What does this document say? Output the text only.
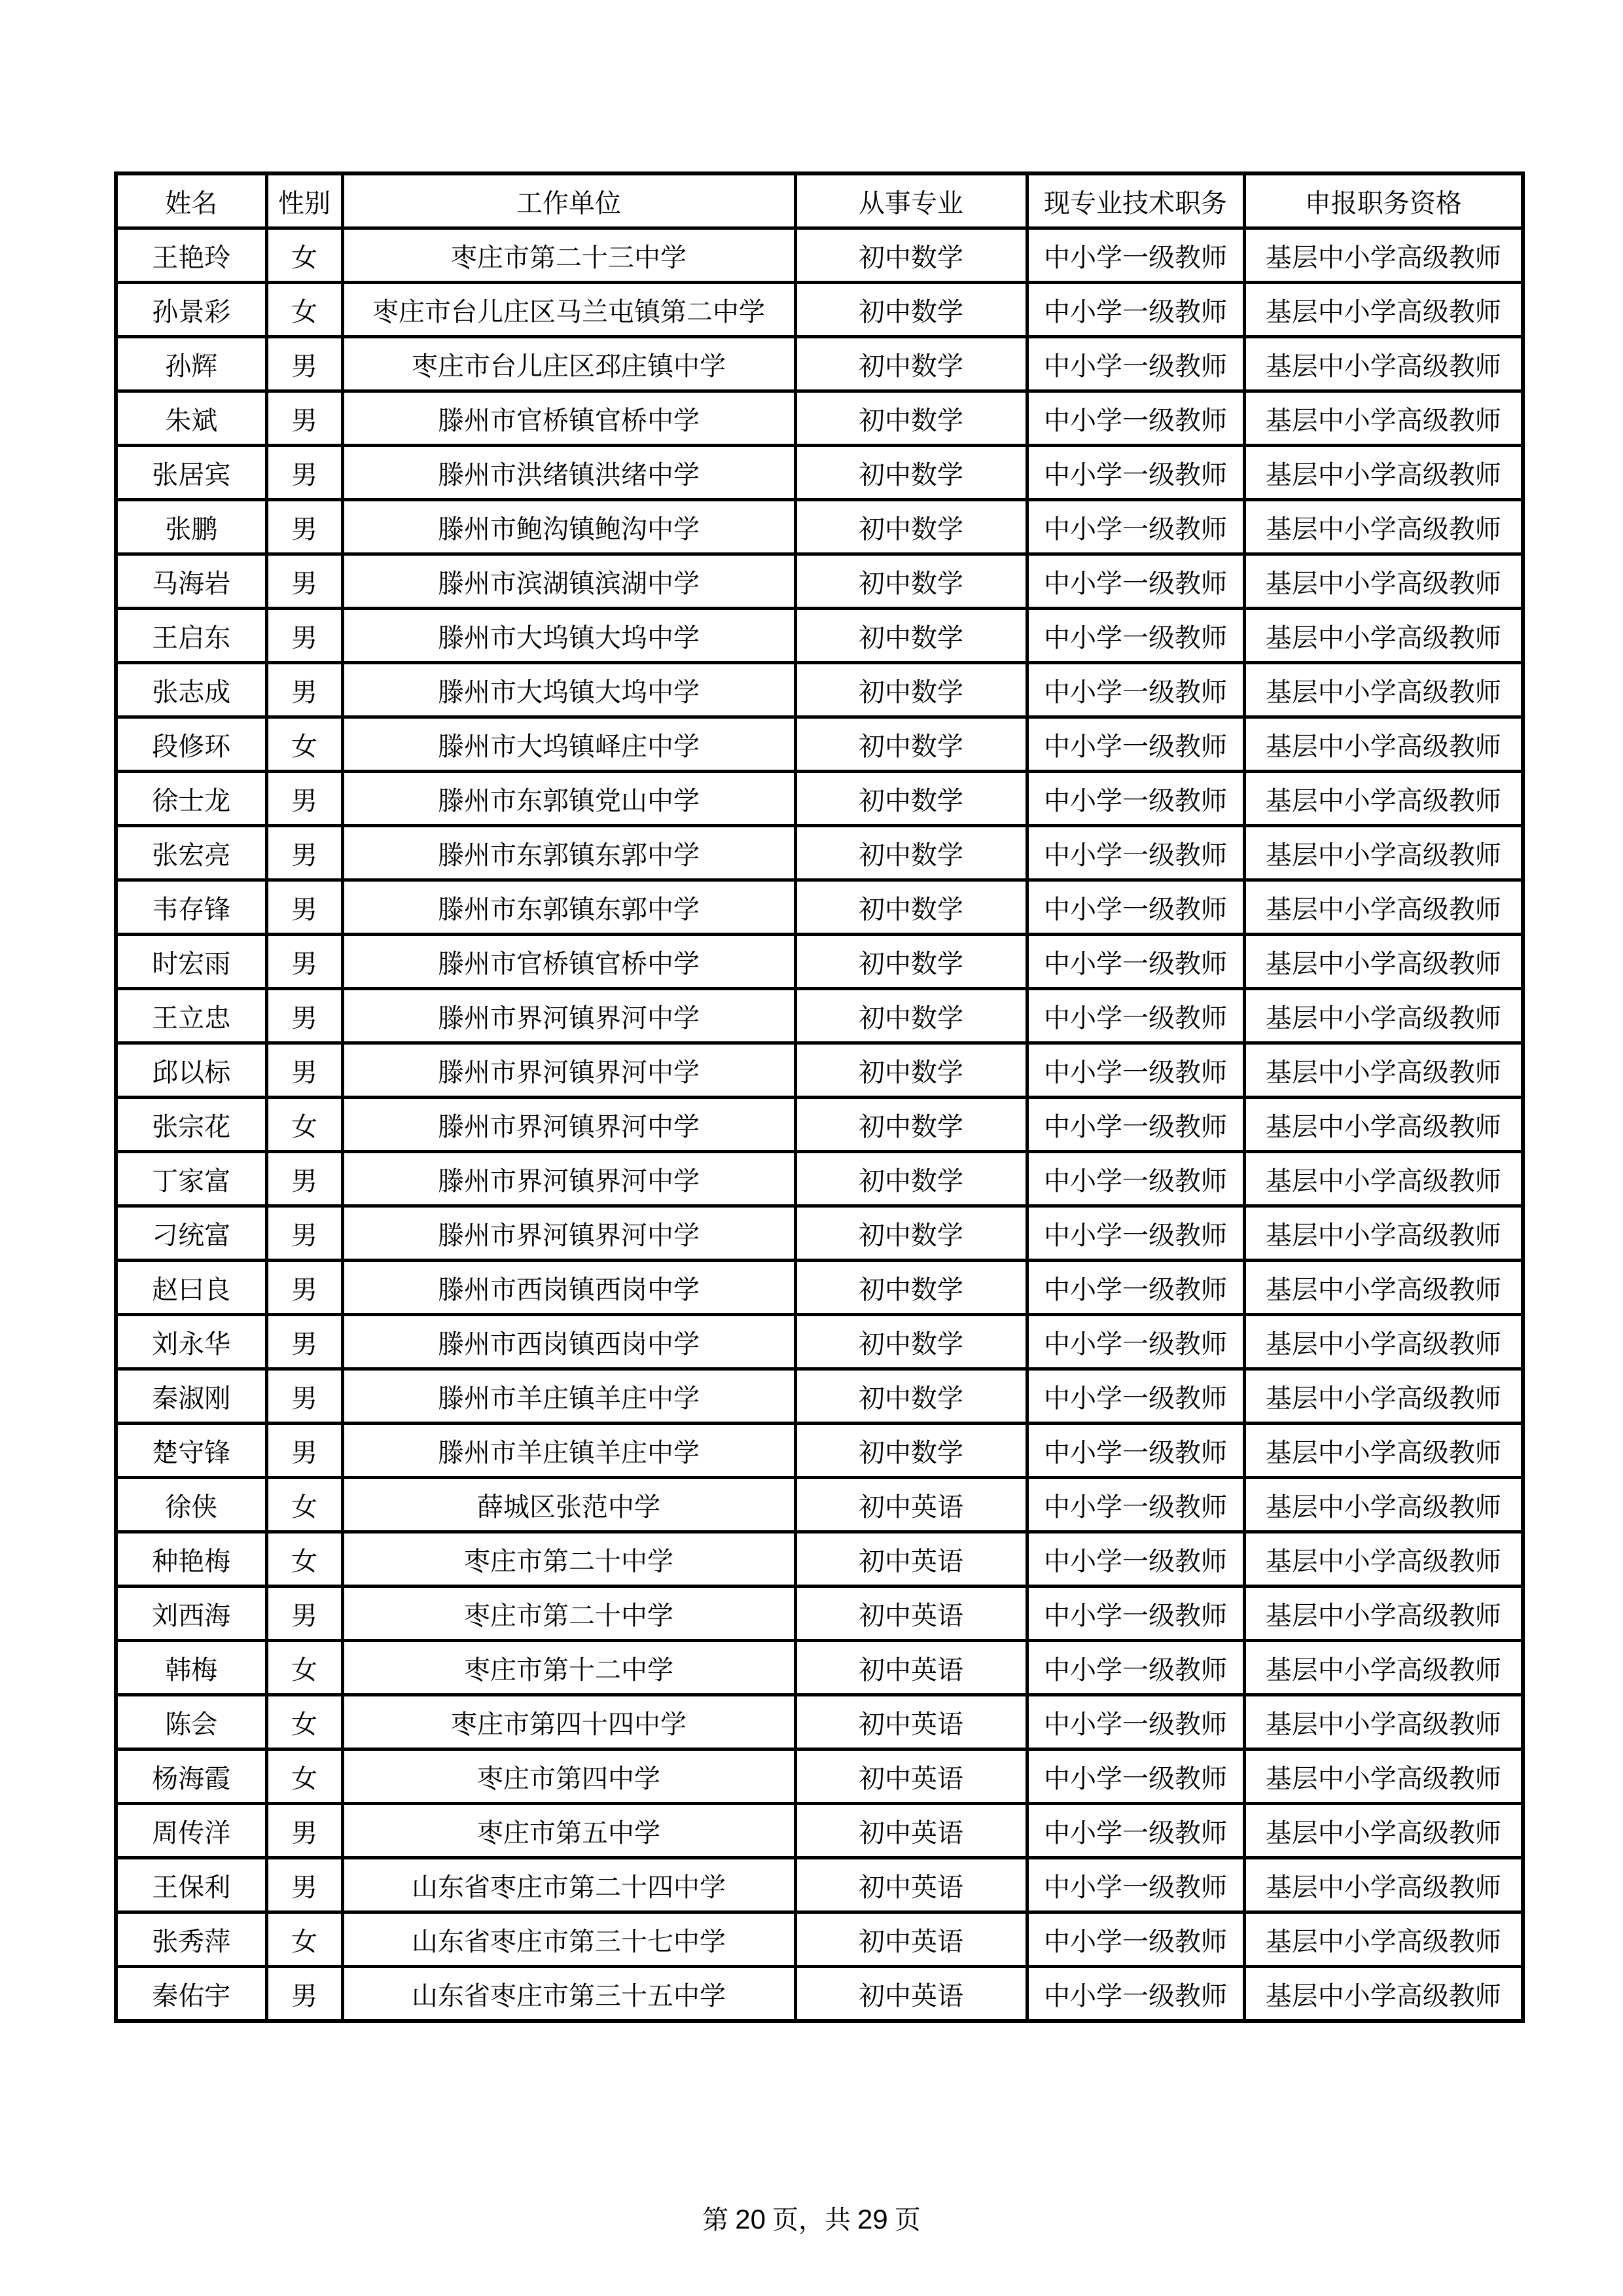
姓名	性别	工作单位	从事专业	现专业技术职务	申报职务资格
王艳玲	女	枣庄市第二十三中学	初中数学	中小学一级教师	基层中小学高级教师
孙景彩	女	枣庄市台儿庄区马兰屯镇第二中学	初中数学	中小学一级教师	基层中小学高级教师
孙辉	男	枣庄市台儿庄区邳庄镇中学	初中数学	中小学一级教师	基层中小学高级教师
朱斌	男	滕州市官桥镇官桥中学	初中数学	中小学一级教师	基层中小学高级教师
张居宾	男	滕州市洪绪镇洪绪中学	初中数学	中小学一级教师	基层中小学高级教师
张鹏	男	滕州市鲍沟镇鲍沟中学	初中数学	中小学一级教师	基层中小学高级教师
马海岩	男	滕州市滨湖镇滨湖中学	初中数学	中小学一级教师	基层中小学高级教师
王启东	男	滕州市大坞镇大坞中学	初中数学	中小学一级教师	基层中小学高级教师
张志成	男	滕州市大坞镇大坞中学	初中数学	中小学一级教师	基层中小学高级教师
段修环	女	滕州市大坞镇峄庄中学	初中数学	中小学一级教师	基层中小学高级教师
徐士龙	男	滕州市东郭镇党山中学	初中数学	中小学一级教师	基层中小学高级教师
张宏亮	男	滕州市东郭镇东郭中学	初中数学	中小学一级教师	基层中小学高级教师
韦存锋	男	滕州市东郭镇东郭中学	初中数学	中小学一级教师	基层中小学高级教师
时宏雨	男	滕州市官桥镇官桥中学	初中数学	中小学一级教师	基层中小学高级教师
王立忠	男	滕州市界河镇界河中学	初中数学	中小学一级教师	基层中小学高级教师
邱以标	男	滕州市界河镇界河中学	初中数学	中小学一级教师	基层中小学高级教师
张宗花	女	滕州市界河镇界河中学	初中数学	中小学一级教师	基层中小学高级教师
丁家富	男	滕州市界河镇界河中学	初中数学	中小学一级教师	基层中小学高级教师
刁统富	男	滕州市界河镇界河中学	初中数学	中小学一级教师	基层中小学高级教师
赵曰良	男	滕州市西岗镇西岗中学	初中数学	中小学一级教师	基层中小学高级教师
刘永华	男	滕州市西岗镇西岗中学	初中数学	中小学一级教师	基层中小学高级教师
秦淑刚	男	滕州市羊庄镇羊庄中学	初中数学	中小学一级教师	基层中小学高级教师
楚守锋	男	滕州市羊庄镇羊庄中学	初中数学	中小学一级教师	基层中小学高级教师
徐侠	女	薛城区张范中学	初中英语	中小学一级教师	基层中小学高级教师
种艳梅	女	枣庄市第二十中学	初中英语	中小学一级教师	基层中小学高级教师
刘西海	男	枣庄市第二十中学	初中英语	中小学一级教师	基层中小学高级教师
韩梅	女	枣庄市第十二中学	初中英语	中小学一级教师	基层中小学高级教师
陈会	女	枣庄市第四十四中学	初中英语	中小学一级教师	基层中小学高级教师
杨海霞	女	枣庄市第四中学	初中英语	中小学一级教师	基层中小学高级教师
周传洋	男	枣庄市第五中学	初中英语	中小学一级教师	基层中小学高级教师
王保利	男	山东省枣庄市第二十四中学	初中英语	中小学一级教师	基层中小学高级教师
张秀萍	女	山东省枣庄市第三十七中学	初中英语	中小学一级教师	基层中小学高级教师
秦佑宇	男	山东省枣庄市第三十五中学	初中英语	中小学一级教师	基层中小学高级教师
第 20 页，共 29 页
